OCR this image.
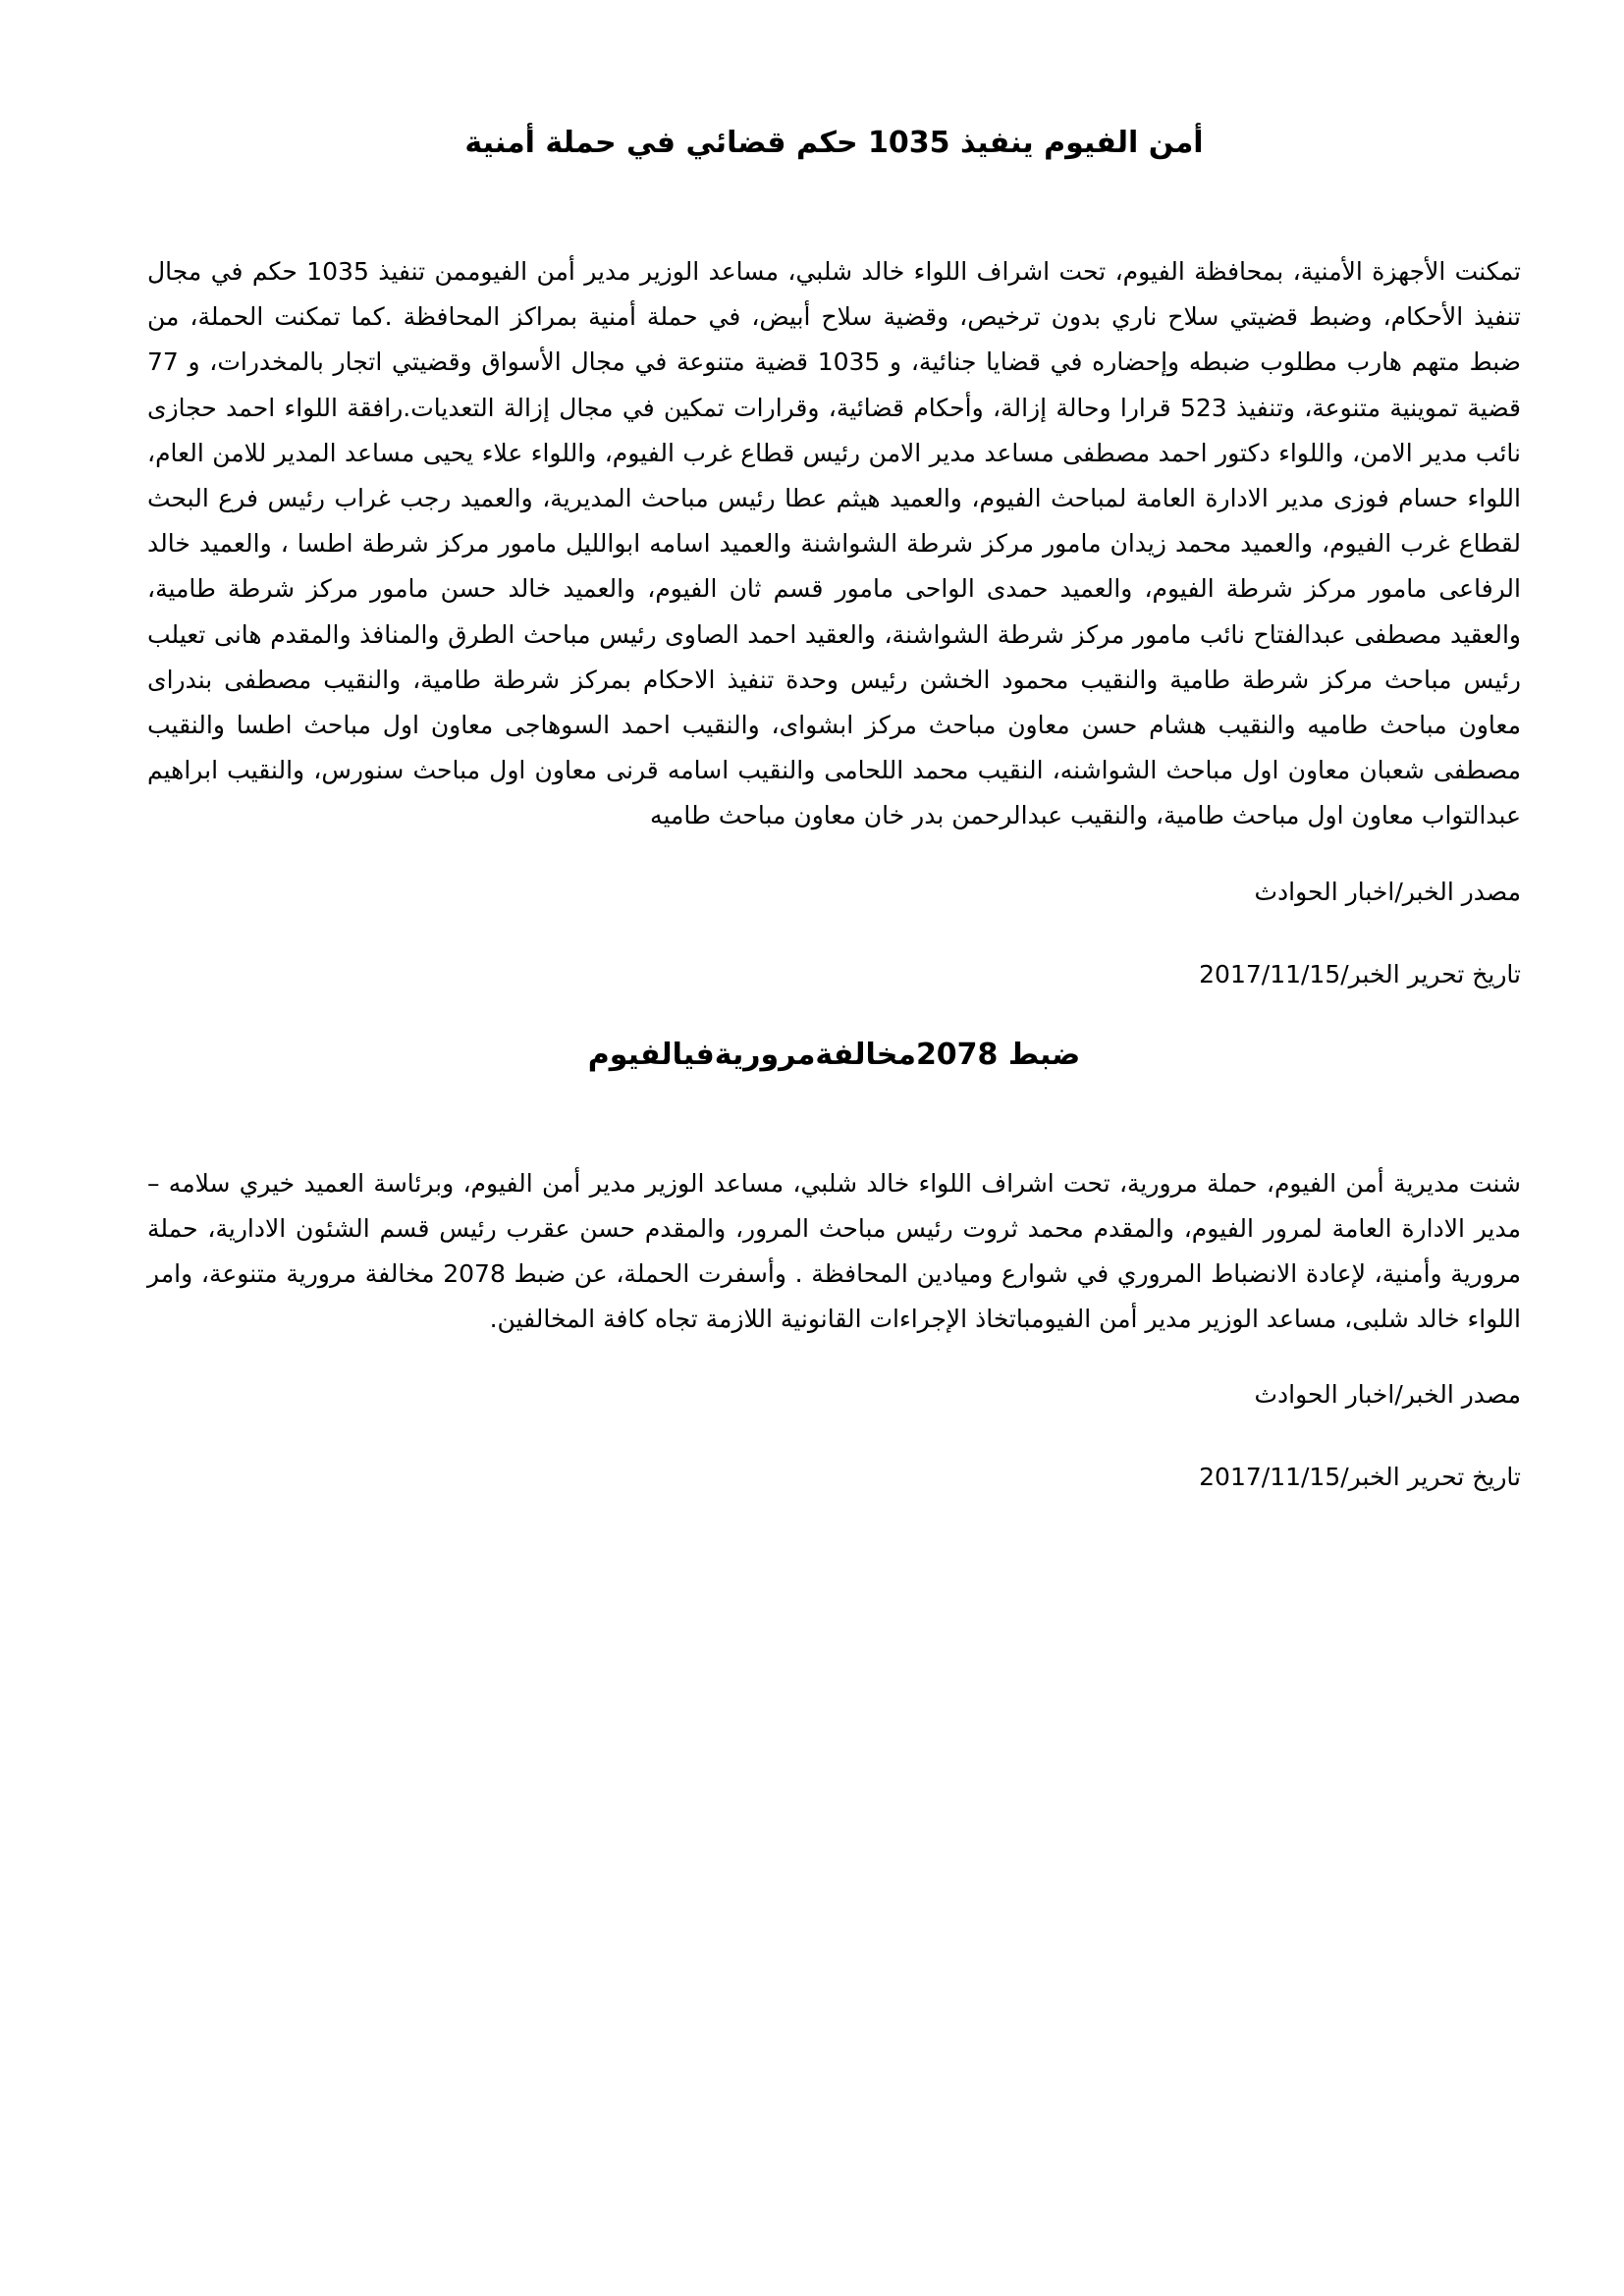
أمن الفيوم ينفيذ 1035 حكم قضائي في حملة أمنية

تمكنت الأجهزة الأمنية، بمحافظة الفيوم، تحت اشراف اللواء خالد شلبي، مساعد الوزير مدير أمن الفيوممن تنفيذ 1035 حكم في مجال تنفيذ الأحكام، وضبط قضيتي سلاح ناري بدون ترخيص، وقضية سلاح أبيض، في حملة أمنية بمراكز المحافظة .كما تمكنت الحملة، من ضبط متهم هارب مطلوب ضبطه وإحضاره في قضايا جنائية، و 1035 قضية متنوعة في مجال الأسواق وقضيتي اتجار بالمخدرات، و 77 قضية تموينية متنوعة، وتنفيذ 523 قرارا وحالة إزالة، وأحكام قضائية، وقرارات تمكين في مجال إزالة التعديات.رافقة اللواء احمد حجازى نائب مدير الامن، واللواء دكتور احمد مصطفى مساعد مدير الامن رئيس قطاع غرب الفيوم، واللواء علاء يحيى مساعد المدير للامن العام، اللواء حسام فوزى مدير الادارة العامة لمباحث الفيوم، والعميد هيثم عطا رئيس مباحث المديرية، والعميد رجب غراب رئيس فرع البحث لقطاع غرب الفيوم، والعميد محمد زيدان مامور مركز شرطة الشواشنة والعميد اسامه ابوالليل مامور مركز شرطة اطسا ، والعميد خالد الرفاعى مامور مركز شرطة الفيوم، والعميد حمدى الواحى مامور قسم ثان الفيوم، والعميد خالد حسن مامور مركز شرطة طامية، والعقيد مصطفى عبدالفتاح نائب مامور مركز شرطة الشواشنة، والعقيد احمد الصاوى رئيس مباحث الطرق والمنافذ والمقدم هانى تعيلب رئيس مباحث مركز شرطة طامية والنقيب محمود الخشن رئيس وحدة تنفيذ الاحكام بمركز شرطة طامية، والنقيب مصطفى بندراى معاون مباحث طاميه والنقيب هشام حسن معاون مباحث مركز ابشواى، والنقيب احمد السوهاجى معاون اول مباحث اطسا والنقيب مصطفى شعبان معاون اول مباحث الشواشنه، النقيب محمد اللحامى والنقيب اسامه قرنى معاون اول مباحث سنورس، والنقيب ابراهيم عبدالتواب معاون اول مباحث طامية، والنقيب عبدالرحمن بدر خان معاون مباحث طاميه

مصدر الخبر/اخبار الحوادث

تاريخ تحرير الخبر/2017/11/15

ضبط 2078مخالفةمروريةفيالفيوم

شنت مديرية أمن الفيوم، حملة مرورية، تحت اشراف اللواء خالد شلبي، مساعد الوزير مدير أمن الفيوم، وبرئاسة العميد خيري سلامه – مدير الادارة العامة لمرور الفيوم، والمقدم محمد ثروت رئيس مباحث المرور، والمقدم حسن عقرب رئيس قسم الشئون الادارية، حملة مرورية وأمنية، لإعادة الانضباط المروري في شوارع وميادين المحافظة . وأسفرت الحملة، عن ضبط 2078 مخالفة مرورية متنوعة، وامر اللواء خالد شلبى، مساعد الوزير مدير أمن الفيومباتخاذ الإجراءات القانونية اللازمة تجاه كافة المخالفين.

مصدر الخبر/اخبار الحوادث

تاريخ تحرير الخبر/2017/11/15
